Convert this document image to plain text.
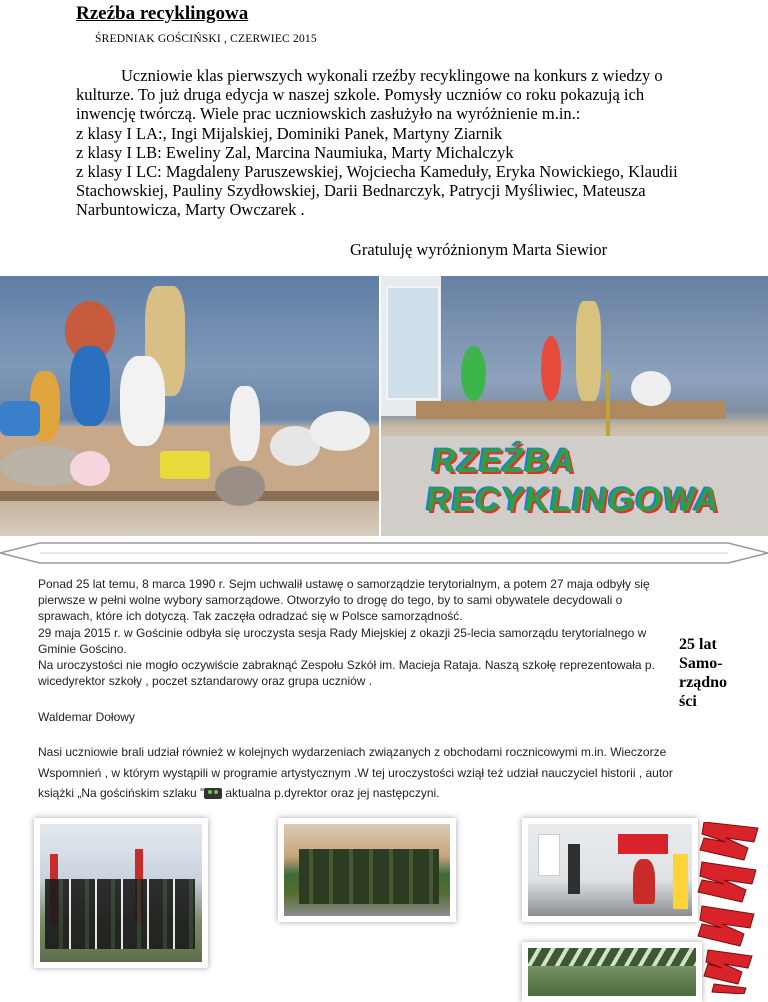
Rzeźba recyklingowa
ŚREDNIAK GOŚCIŃSKI , CZERWIEC 2015

Uczniowie klas pierwszych wykonali rzeźby recyklingowe na konkurs z wiedzy o kulturze. To już druga edycja w naszej szkole. Pomysły uczniów co roku pokazują ich inwencję twórczą. Wiele prac uczniowskich zasłużyło na wyróżnienie m.in.:

z klasy I LA:, Ingi Mijalskiej, Dominiki Panek, Martyny Ziarnik

z klasy I LB: Eweliny Zal, Marcina Naumiuka, Marty Michalczyk

z klasy I LC: Magdaleny Paruszewskiej, Wojciecha Kameduły, Eryka Nowickiego, Klaudii Stachowskiej, Pauliny Szydłowskiej, Darii Bednarczyk, Patrycji Myśliwiec, Mateusza Narbuntowicza, Marty Owczarek .

Gratuluję wyróżnionym Marta Siewior
RZEŹBA RECYKLINGOWA

Ponad 25 lat temu, 8 marca 1990 r. Sejm uchwalił ustawę o samorządzie terytorialnym, a potem 27 maja odbyły się pierwsze w pełni wolne wybory samorządowe. Otworzyło to drogę do tego, by to sami obywatele decydowali o sprawach, które ich dotyczą. Tak zaczęła odradzać się w Polsce samorządność.

29 maja 2015 r. w Gościnie odbyła się uroczysta sesja Rady Miejskiej z okazji 25-lecia samorządu terytorialnego w Gminie Gościno.

Na uroczystości nie mogło oczywiście zabraknąć Zespołu Szkół im. Macieja Rataja. Naszą szkołę reprezentowała p. wicedyrektor szkoły , poczet sztandarowy oraz grupa uczniów .

Waldemar Dołowy
25 lat Samo- rządno ści

Nasi uczniowie brali udział również w kolejnych wydarzeniach związanych z obchodami rocznicowymi m.in. Wieczorze Wspomnień , w którym wystąpili w programie artystycznym .W tej uroczystości wziął też udział nauczyciel historii , autor książki „Na gościńskim szlaku ”
aktualna p.dyrektor oraz jej następczyni.
